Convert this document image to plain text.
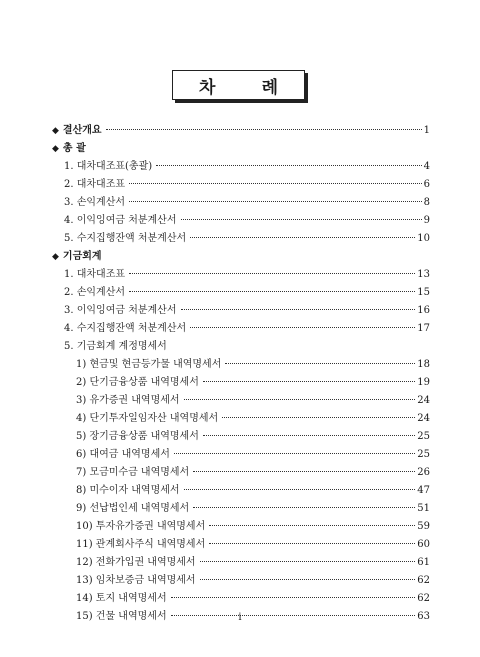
차	례
◆ 결산개요	1
◆ 총 괄
1. 대차대조표(총괄)	4
2. 대차대조표	6
3. 손익계산서	8
4. 이익잉여금 처분계산서	9
5. 수지집행잔액 처분계산서	10
◆ 기금회계
1. 대차대조표	13
2. 손익계산서	15
3. 이익잉여금 처분계산서	16
4. 수지집행잔액 처분계산서	17
5. 기금회계 계정명세서
1) 현금및 현금등가물 내역명세서	18
2) 단기금융상품 내역명세서	19
3) 유가증권 내역명세서	24
4) 단기투자일임자산 내역명세서	24
5) 장기금융상품 내역명세서	25
6) 대여금 내역명세서	25
7) 모금미수금 내역명세서	26
8) 미수이자 내역명세서	47
9) 선납법인세 내역명세서	51
10) 투자유가증권 내역명세서	59
11) 관계회사주식 내역명세서	60
12) 전화가입권 내역명세서	61
13) 임차보증금 내역명세서	62
14) 토지 내역명세서	62
15) 건물 내역명세서	63
i
